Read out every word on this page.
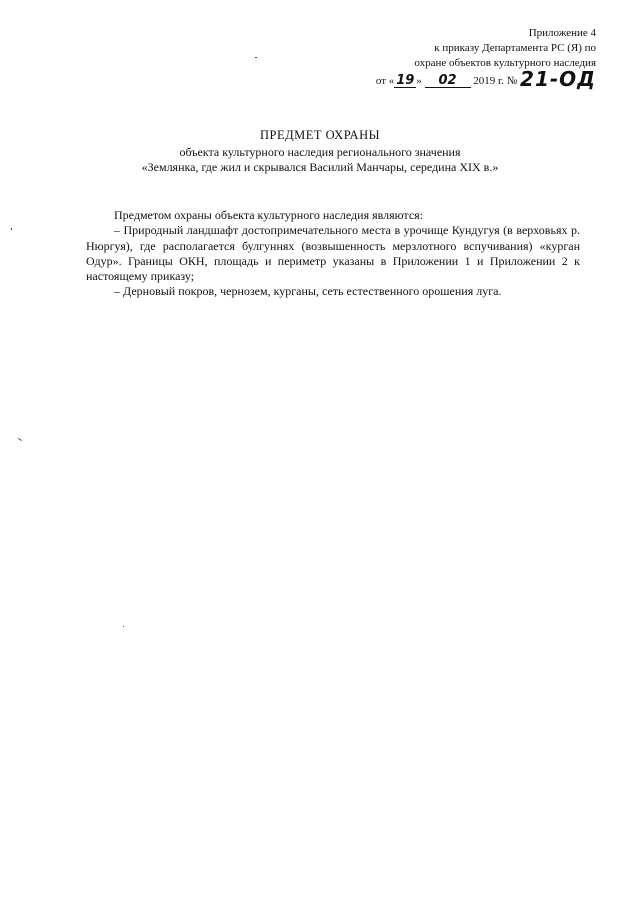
Приложение 4
к приказу Департамента РС (Я) по
охране объектов культурного наследия
от « 19 » 02 2019 г. № 21-ОД
ПРЕДМЕТ ОХРАНЫ
объекта культурного наследия регионального значения
«Землянка, где жил и скрывался Василий Манчары, середина XIX в.»

Предметом охраны объекта культурного наследия являются:

– Природный ландшафт достопримечательного места в урочище Кундугуя (в верховьях р. Нюргуя), где располагается булгуннях (возвышенность мерзлотного вспучивания) «курган Одур». Границы ОКН, площадь и периметр указаны в Приложении 1 и Приложении 2 к настоящему приказу;

– Дерновый покров, чернозем, курганы, сеть естественного орошения луга.
